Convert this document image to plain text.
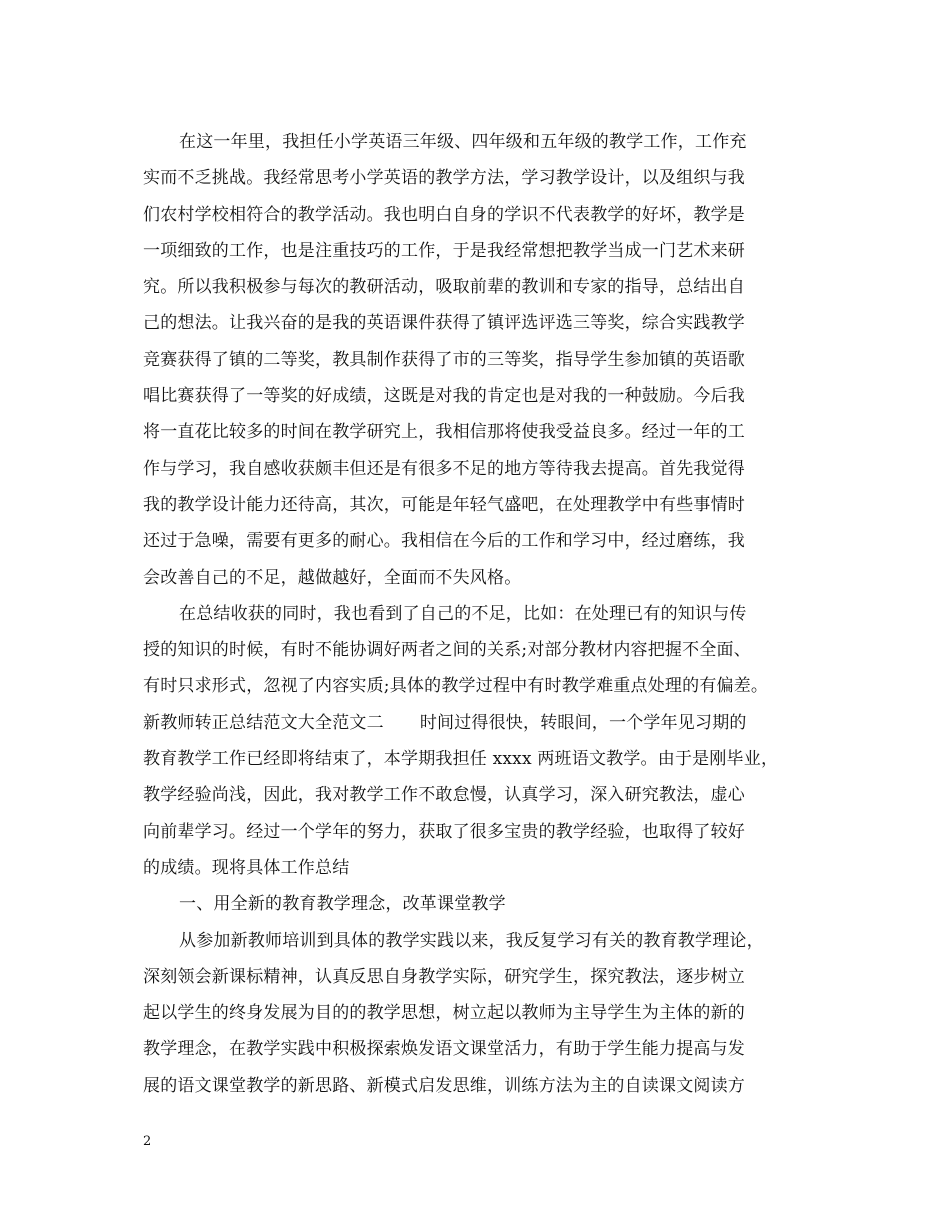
在这一年里，我担任小学英语三年级、四年级和五年级的教学工作，工作充
实而不乏挑战。我经常思考小学英语的教学方法，学习教学设计，以及组织与我
们农村学校相符合的教学活动。我也明白自身的学识不代表教学的好坏，教学是
一项细致的工作，也是注重技巧的工作，于是我经常想把教学当成一门艺术来研
究。所以我积极参与每次的教研活动，吸取前辈的教训和专家的指导，总结出自
己的想法。让我兴奋的是我的英语课件获得了镇评选评选三等奖，综合实践教学
竞赛获得了镇的二等奖，教具制作获得了市的三等奖，指导学生参加镇的英语歌
唱比赛获得了一等奖的好成绩，这既是对我的肯定也是对我的一种鼓励。今后我
将一直花比较多的时间在教学研究上，我相信那将使我受益良多。经过一年的工
作与学习，我自感收获颇丰但还是有很多不足的地方等待我去提高。首先我觉得
我的教学设计能力还待高，其次，可能是年轻气盛吧，在处理教学中有些事情时
还过于急噪，需要有更多的耐心。我相信在今后的工作和学习中，经过磨练，我
会改善自己的不足，越做越好，全面而不失风格。
在总结收获的同时，我也看到了自己的不足，比如：在处理已有的知识与传
授的知识的时候，有时不能协调好两者之间的关系;对部分教材内容把握不全面、
有时只求形式，忽视了内容实质;具体的教学过程中有时教学难重点处理的有偏差。
新教师转正总结范文大全范文二 时间过得很快，转眼间，一个学年见习期的
教育教学工作已经即将结束了，本学期我担任 xxxx 两班语文教学。由于是刚毕业，
教学经验尚浅，因此，我对教学工作不敢怠慢，认真学习，深入研究教法，虚心
向前辈学习。经过一个学年的努力，获取了很多宝贵的教学经验，也取得了较好
的成绩。现将具体工作总结
一、用全新的教育教学理念，改革课堂教学
从参加新教师培训到具体的教学实践以来，我反复学习有关的教育教学理论，
深刻领会新课标精神，认真反思自身教学实际，研究学生，探究教法，逐步树立
起以学生的终身发展为目的的教学思想，树立起以教师为主导学生为主体的新的
教学理念，在教学实践中积极探索焕发语文课堂活力，有助于学生能力提高与发
展的语文课堂教学的新思路、新模式启发思维，训练方法为主的自读课文阅读方
2
